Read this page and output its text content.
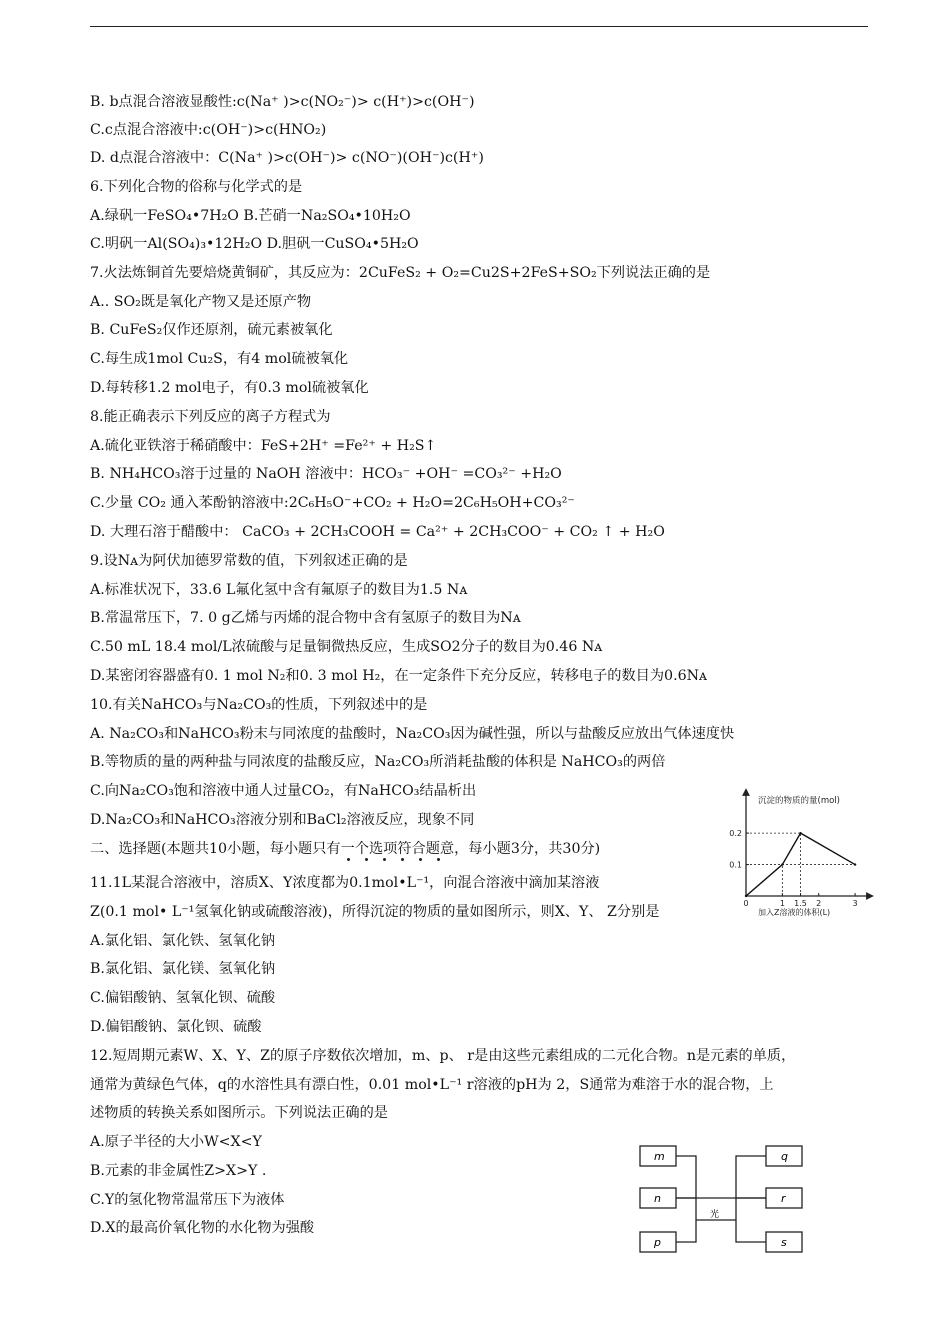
B. b点混合溶液显酸性:c(Na⁺ )>c(NO₂⁻)> c(H⁺)>c(OH⁻)
C.c点混合溶液中:c(OH⁻)>c(HNO₂)
D. d点混合溶液中：C(Na⁺ )>c(OH⁻)> c(NO⁻)(OH⁻)c(H⁺)
6.下列化合物的俗称与化学式的是
A.绿矾一FeSO₄•7H₂O B.芒硝一Na₂SO₄•10H₂O
C.明矾一Al(SO₄)₃•12H₂O D.胆矾一CuSO₄•5H₂O
7.火法炼铜首先要焙烧黄铜矿，其反应为：2CuFeS₂ + O₂=Cu2S+2FeS+SO₂下列说法正确的是
A.. SO₂既是氧化产物又是还原产物
B. CuFeS₂仅作还原剂，硫元素被氧化
C.每生成1mol Cu₂S，有4 mol硫被氧化
D.每转移1.2 mol电子，有0.3 mol硫被氧化
8.能正确表示下列反应的离子方程式为
A.硫化亚铁溶于稀硝酸中：FeS+2H⁺ =Fe²⁺ + H₂S↑
B. NH₄HCO₃溶于过量的 NaOH 溶液中：HCO₃⁻ +OH⁻ =CO₃²⁻ +H₂O
C.少量 CO₂ 通入苯酚钠溶液中:2C₆H₅O⁻+CO₂ + H₂O=2C₆H₅OH+CO₃²⁻
D. 大理石溶于醋酸中： CaCO₃ + 2CH₃COOH = Ca²⁺ + 2CH₃COO⁻ + CO₂ ↑ + H₂O
9.设Nᴀ为阿伏加德罗常数的值，下列叙述正确的是
A.标准状况下，33.6 L氟化氢中含有氟原子的数目为1.5 Nᴀ
B.常温常压下，7. 0 g乙烯与丙烯的混合物中含有氢原子的数目为Nᴀ
C.50 mL 18.4 mol/L浓硫酸与足量铜微热反应，生成SO2分子的数目为0.46 Nᴀ
D.某密闭容器盛有0. 1 mol N₂和0. 3 mol H₂，在一定条件下充分反应，转移电子的数目为0.6Nᴀ
10.有关NaHCO₃与Na₂CO₃的性质，下列叙述中的是
A. Na₂CO₃和NaHCO₃粉末与同浓度的盐酸时，Na₂CO₃因为碱性强，所以与盐酸反应放出气体速度快
B.等物质的量的两种盐与同浓度的盐酸反应，Na₂CO₃所消耗盐酸的体积是 NaHCO₃的两倍
C.向Na₂CO₃饱和溶液中通人过量CO₂，有NaHCO₃结晶析出
D.Na₂CO₃和NaHCO₃溶液分别和BaCl₂溶液反应，现象不同
二、选择题(本题共10小题，每小题只有一个选项符合题意，每小题3分，共30分)
11.1L某混合溶液中，溶质X、Y浓度都为0.1mol•L⁻¹，向混合溶液中滴加某溶液
Z(0.1 mol• L⁻¹氢氧化钠或硫酸溶液)，所得沉淀的物质的量如图所示，则X、Y、 Z分别是
A.氯化铝、氯化铁、氢氧化钠
B.氯化铝、氯化镁、氢氧化钠
C.偏铝酸钠、氢氧化钡、硫酸
D.偏铝酸钠、氯化钡、硫酸
12.短周期元素W、X、Y、Z的原子序数依次增加，m、p、 r是由这些元素组成的二元化合物。n是元素的单质，
通常为黄绿色气体，q的水溶性具有漂白性，0.01 mol•L⁻¹ r溶液的pH为 2，S通常为难溶于水的混合物，上
述物质的转换关系如图所示。下列说法正确的是
A.原子半径的大小W<X<Y
B.元素的非金属性Z>X>Y .
C.Y的氢化物常温常压下为液体
D.X的最高价氧化物的水化物为强酸
沉淀的物质的量(mol)
加入Z溶液的体积(L)
0.1
0.2
0	1 1.5 2	3
m
n
p
q
r
s
光
